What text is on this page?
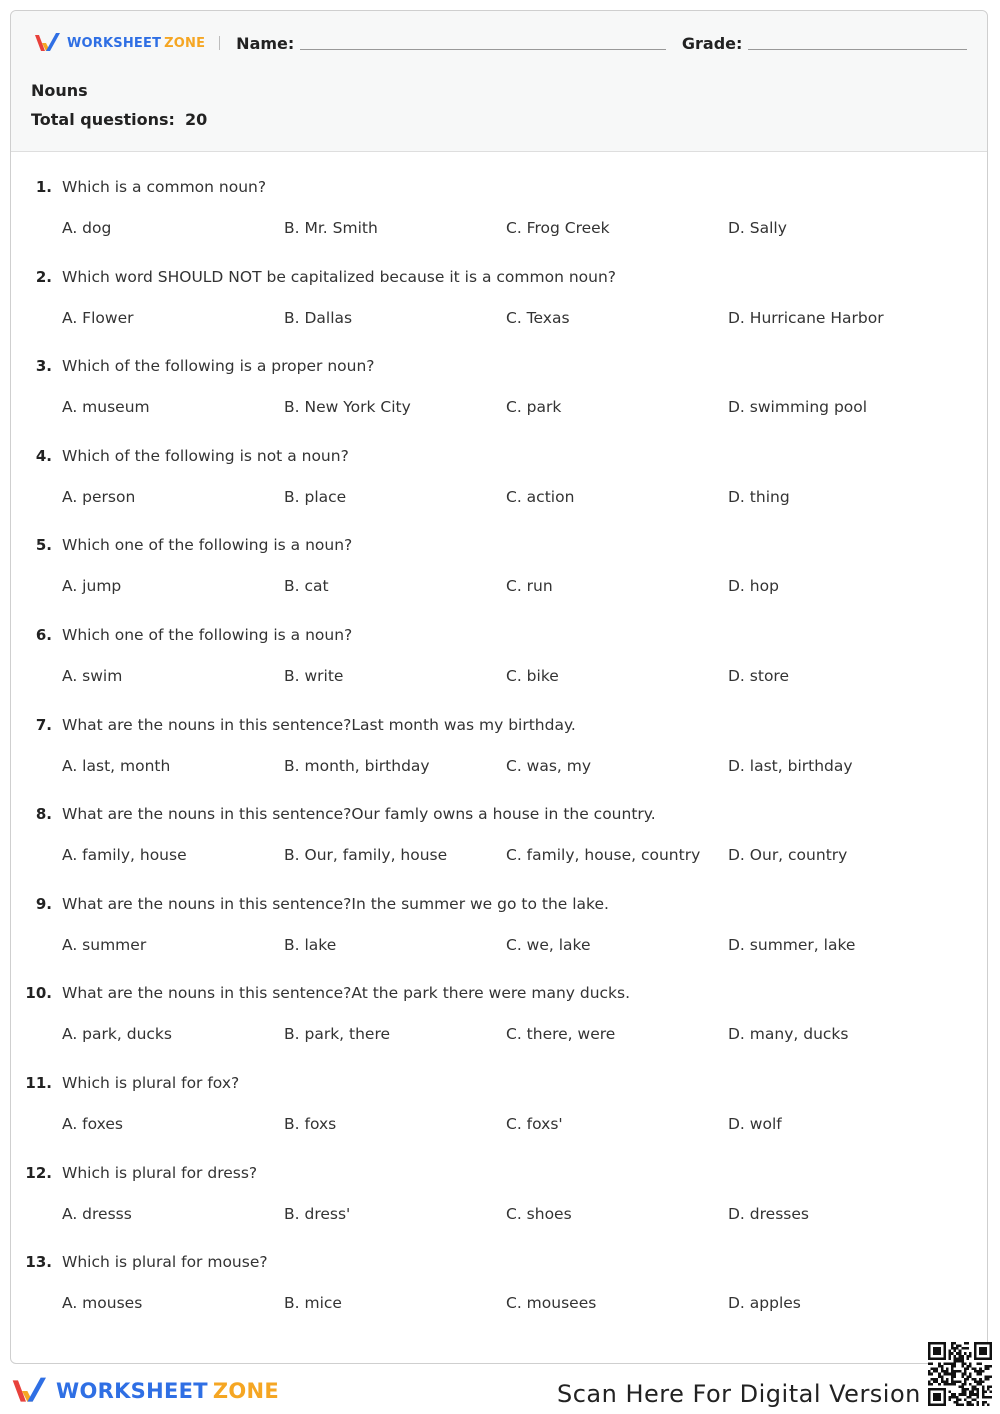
WORKSHEET ZONE Name:	Grade:
Nouns
Total questions: 20
1. Which is a common noun?
A. dog	B. Mr. Smith	C. Frog Creek	D. Sally
2. Which word SHOULD NOT be capitalized because it is a common noun?
A. Flower	B. Dallas	C. Texas	D. Hurricane Harbor
3. Which of the following is a proper noun?
A. museum	B. New York City	C. park	D. swimming pool
4. Which of the following is not a noun?
A. person	B. place	C. action	D. thing
5. Which one of the following is a noun?
A. jump	B. cat	C. run	D. hop
6. Which one of the following is a noun?
A. swim	B. write	C. bike	D. store
7. What are the nouns in this sentence?Last month was my birthday.
A. last, month	B. month, birthday	C. was, my	D. last, birthday
8. What are the nouns in this sentence?Our famly owns a house in the country.
A. family, house	B. Our, family, house	C. family, house, country D. Our, country
9. What are the nouns in this sentence?In the summer we go to the lake.
A. summer	B. lake	C. we, lake	D. summer, lake
10. What are the nouns in this sentence?At the park there were many ducks.
A. park, ducks	B. park, there	C. there, were	D. many, ducks
11. Which is plural for fox?
A. foxes	B. foxs	C. foxs'	D. wolf
12. Which is plural for dress?
A. dresss	B. dress'	C. shoes	D. dresses
13. Which is plural for mouse?
A. mouses	B. mice	C. mousees	D. apples
WORKSHEET ZONE	Scan Here For Digital Version
